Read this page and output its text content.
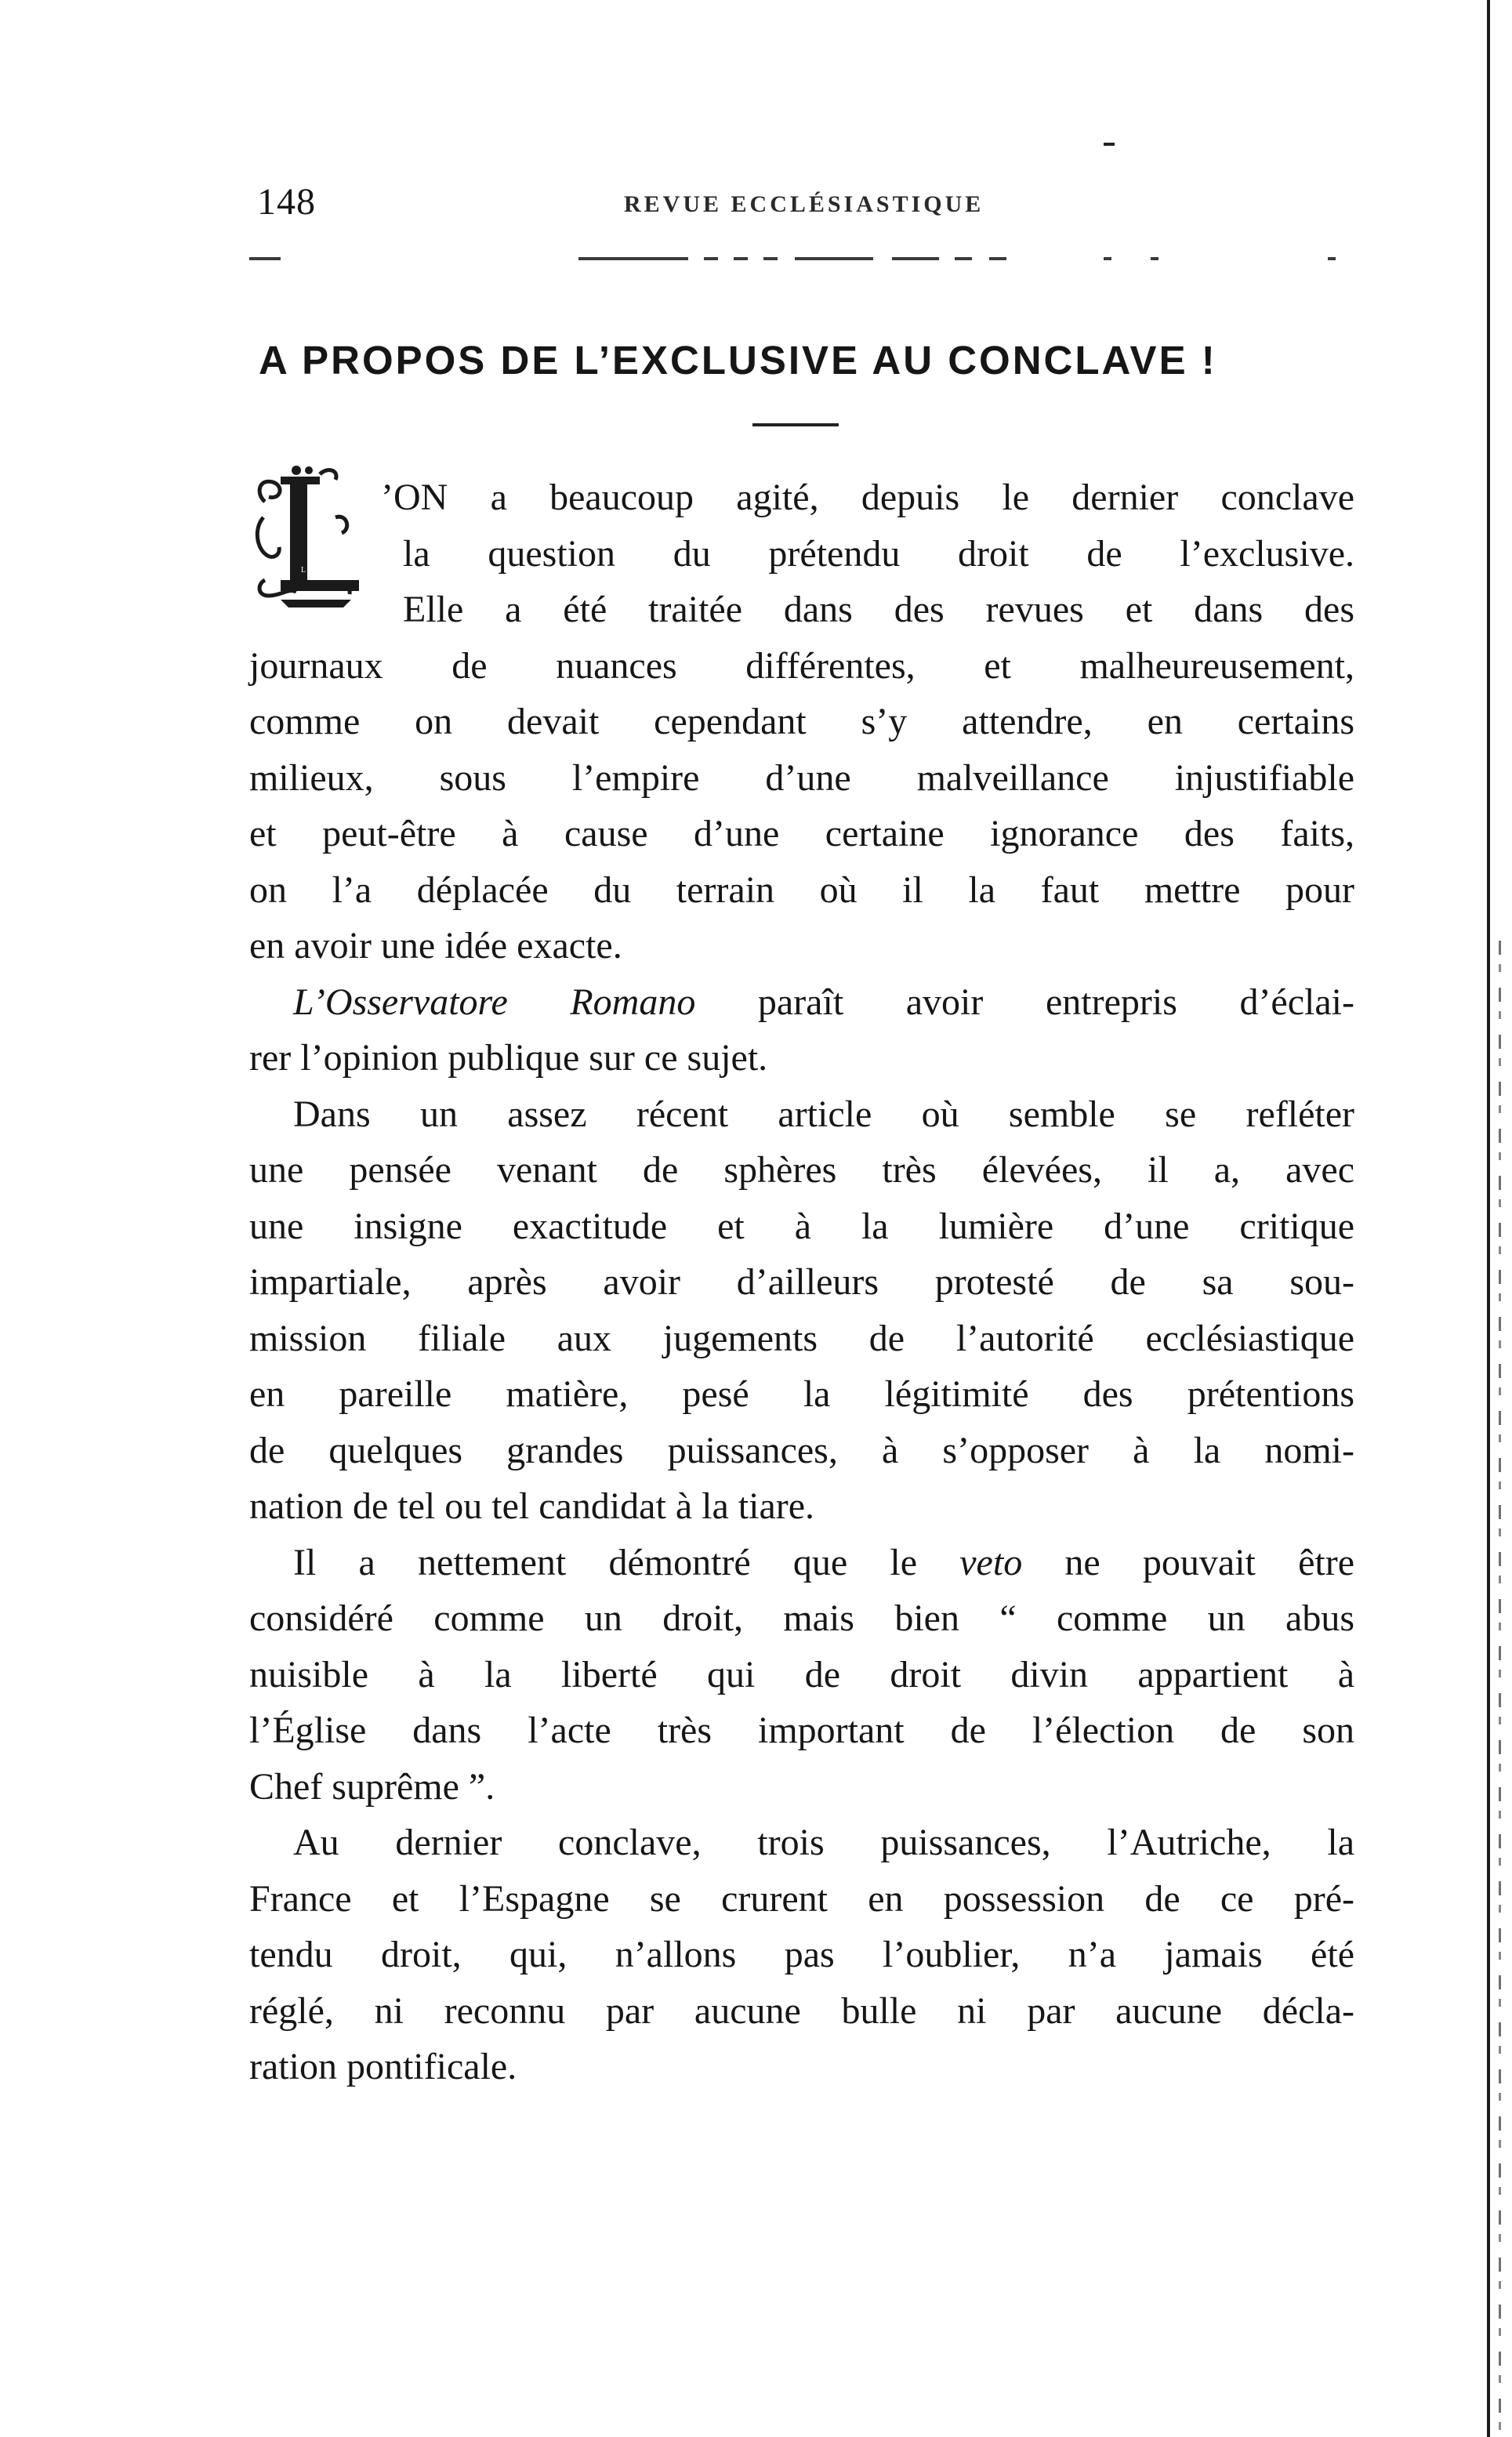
148	REVUE ECCLÉSIASTIQUE
A PROPOS DE L’EXCLUSIVE AU CONCLAVE !
L
’ON a beaucoup agité, depuis le dernier conclave
la question du prétendu droit de l’exclusive.
Elle a été traitée dans des revues et dans des
journaux de nuances différentes, et malheureusement,
comme on devait cependant s’y attendre, en certains
milieux, sous l’empire d’une malveillance injustifiable
et peut-être à cause d’une certaine ignorance des faits,
on l’a déplacée du terrain où il la faut mettre pour
en avoir une idée exacte.
L’Osservatore Romano paraît avoir entrepris d’éclai-
rer l’opinion publique sur ce sujet.
Dans un assez récent article où semble se refléter
une pensée venant de sphères très élevées, il a, avec
une insigne exactitude et à la lumière d’une critique
impartiale, après avoir d’ailleurs protesté de sa sou-
mission filiale aux jugements de l’autorité ecclésiastique
en pareille matière, pesé la légitimité des prétentions
de quelques grandes puissances, à s’opposer à la nomi-
nation de tel ou tel candidat à la tiare.
Il a nettement démontré que le veto ne pouvait être
considéré comme un droit, mais bien “ comme un abus
nuisible à la liberté qui de droit divin appartient à
l’Église dans l’acte très important de l’élection de son
Chef suprême ”.
Au dernier conclave, trois puissances, l’Autriche, la
France et l’Espagne se crurent en possession de ce pré-
tendu droit, qui, n’allons pas l’oublier, n’a jamais été
réglé, ni reconnu par aucune bulle ni par aucune décla-
ration pontificale.
